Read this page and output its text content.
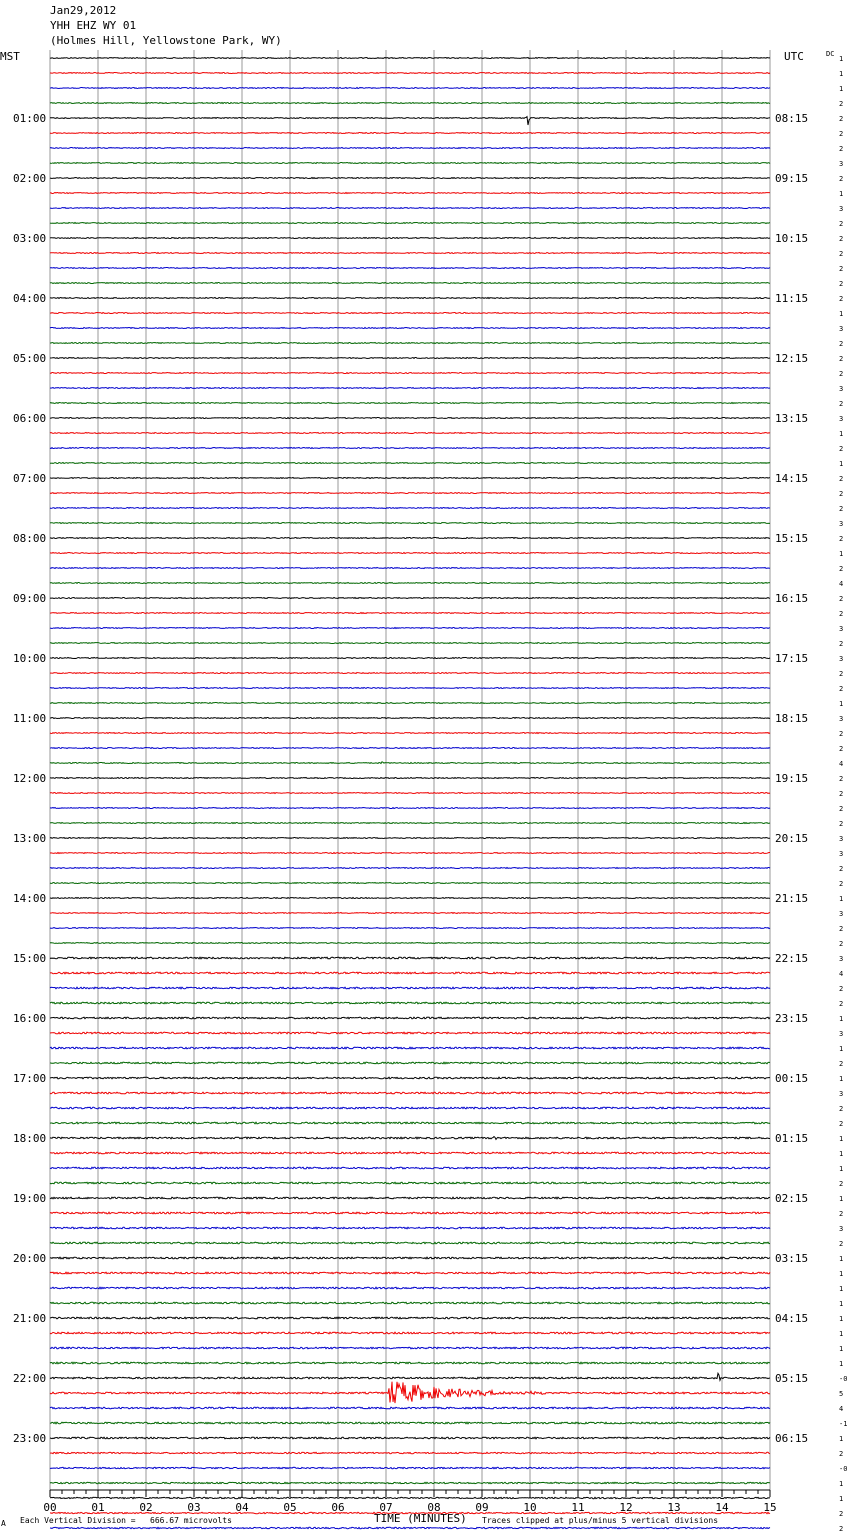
Jan29,2012
YHH EHZ WY 01
(Holmes Hill, Yellowstone Park, WY)
01:00
02:00
03:00
04:00
05:00
06:00
07:00
08:00
09:00
10:00
11:00
12:00
13:00
14:00
15:00
16:00
17:00
18:00
19:00
20:00
21:00
22:00
23:00
08:15
09:15
10:15
11:15
12:15
13:15
14:15
15:15
16:15
17:15
18:15
19:15
20:15
21:15
22:15
23:15
00:15
01:15
02:15
03:15
04:15
05:15
06:15
1
1
1
2
2
2
2
3
2
1
3
2
2
2
2
2
2
1
3
2
2
2
3
2
3
1
2
1
2
2
2
3
2
1
2
4
2
2
3
2
3
2
2
1
3
2
2
4
2
2
2
2
3
3
2
2
1
3
2
2
3
4
2
2
1
3
1
2
1
3
2
2
1
1
1
2
1
2
3
2
1
1
1
1
1
1
1
1
-0
5
4
-1
1
2
-0
1
1
2
2
MST	UTC	DC
00	01	02	03	04	05	06	07	08	09	10	11	12	13	14	15
TIME (MINUTES)
Each Vertical Division =   666.67 microvolts	Traces clipped at plus/minus 5 vertical divisions
A
